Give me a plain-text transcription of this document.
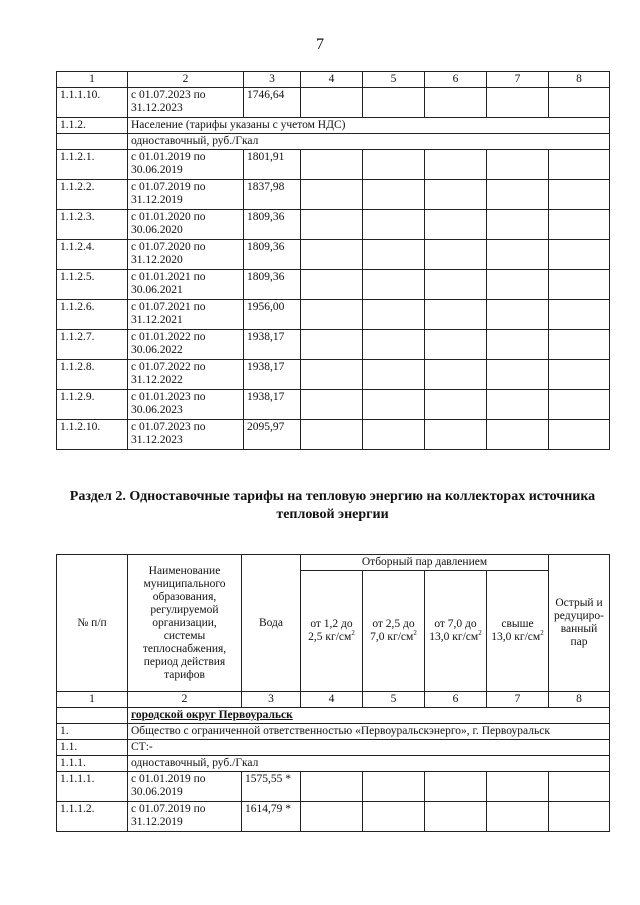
7
1	2	3	4	5	6	7	8
1.1.1.10.	с 01.07.2023 по 31.12.2023	1746,64					
1.1.2.	Население (тарифы указаны с учетом НДС)						
	одноставочный, руб./Гкал						
1.1.2.1.	с 01.01.2019 по 30.06.2019	1801,91					
1.1.2.2.	с 01.07.2019 по 31.12.2019	1837,98					
1.1.2.3.	с 01.01.2020 по 30.06.2020	1809,36					
1.1.2.4.	с 01.07.2020 по 31.12.2020	1809,36					
1.1.2.5.	с 01.01.2021 по 30.06.2021	1809,36					
1.1.2.6.	с 01.07.2021 по 31.12.2021	1956,00					
1.1.2.7.	с 01.01.2022 по 30.06.2022	1938,17					
1.1.2.8.	с 01.07.2022 по 31.12.2022	1938,17					
1.1.2.9.	с 01.01.2023 по 30.06.2023	1938,17					
1.1.2.10.	с 01.07.2023 по 31.12.2023	2095,97					
Раздел 2. Одноставочные тарифы на тепловую энергию на коллекторах источника тепловой энергии
№ п/п	Наименование муниципального образования, регулируемой организации, системы теплоснабжения, период действия тарифов	Вода	Отборный пар давлением				Острый и редуциро-ванный пар
			от 1,2 до 2,5 $кг/см^2$	от 2,5 до 7,0 $кг/см^2$	от 7,0 до 13,0 $кг/см^2$	свыше 13,0 $кг/см^2$
1	2	3	4	5	6	7	8
	городской округ Первоуральск						
1.	Общество с ограниченной ответственностью «Первоуральскэнерго», г. Первоуральск						
1.1.	СТ:-						
1.1.1.	одноставочный, руб./Гкал						
1.1.1.1.	с 01.01.2019 по 30.06.2019	1575,55 *					
1.1.1.2.	с 01.07.2019 по 31.12.2019	1614,79 *					
